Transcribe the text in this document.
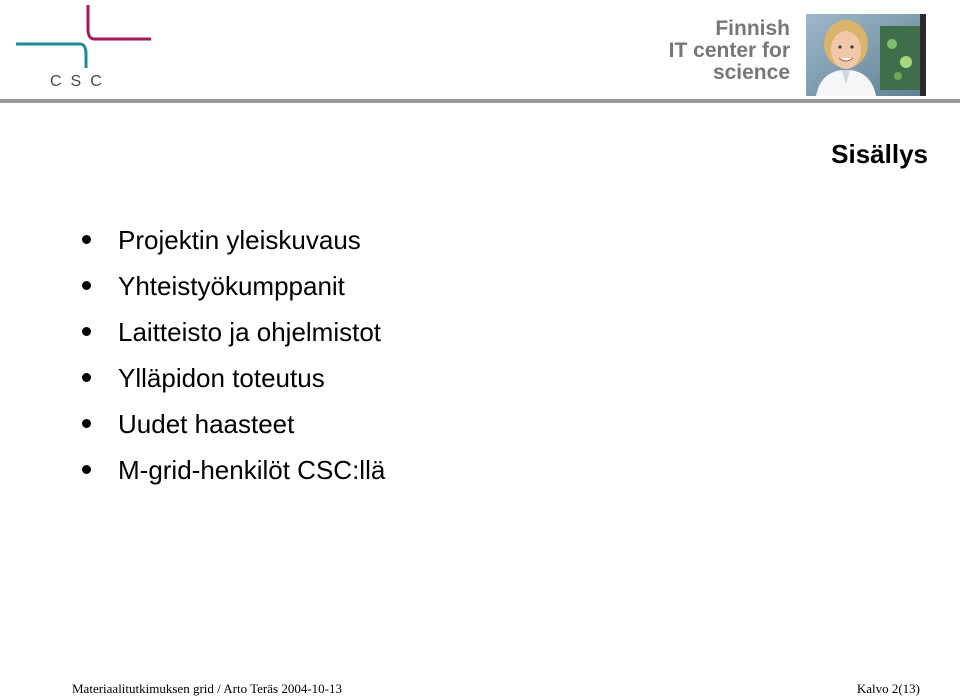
CSC
Finnish
IT center for
science
Sisällys
Projektin yleiskuvaus
Yhteistyökumppanit
Laitteisto ja ohjelmistot
Ylläpidon toteutus
Uudet haasteet
M-grid-henkilöt CSC:llä
Materiaalitutkimuksen grid / Arto Teräs 2004-10-13	Kalvo 2(13)
